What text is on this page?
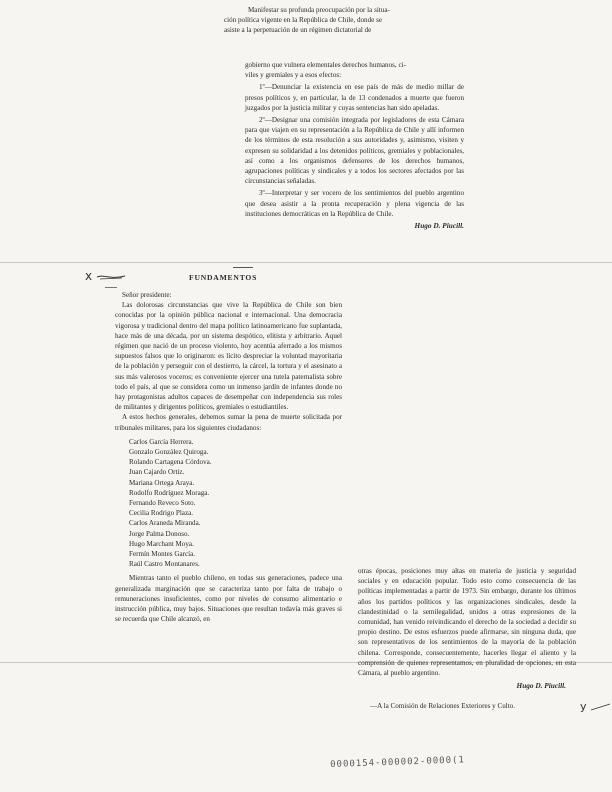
Manifestar su profunda preocupación por la situa-

ción política vigente en la República de Chile, donde se

asiste a la perpetuación de un régimen dictatorial de

gobierno que vulnera elementales derechos humanos, ci-

viles y gremiales y a esos efectos:

1º—Denunciar la existencia en ese país de más de medio millar de presos políticos y, en particular, la de 13 condenados a muerte que fueron juzgados por la justicia militar y cuyas sentencias han sido apeladas.

2º—Designar una comisión integrada por legisladores de esta Cámara para que viajen en su representación a la República de Chile y allí informen de los términos de esta resolución a sus autoridades y, asimismo, visiten y expresen su solidaridad a los detenidos políticos, gremiales y poblacionales, así como a los organismos defensores de los derechos humanos, agrupaciones políticas y sindicales y a todos los sectores afectados por las circunstancias señaladas.

3º—Interpretar y ser vocero de los sentimientos del pueblo argentino que desea asistir a la pronta recuperación y plena vigencia de las instituciones democráticas en la República de Chile.

Hugo D. Piucill.

x	FUNDAMENTOS

Señor presidente:

Las dolorosas circunstancias que vive la República de Chile son bien conocidas por la opinión pública nacional e internacional. Una democracia vigorosa y tradicional dentro del mapa político latinoamericano fue suplantada, hace más de una década, por un sistema despótico, elitista y arbitrario. Aquel régimen que nació de un proceso violento, hoy acentúa aferrado a los mismos supuestos falsos que lo originaron: es lícito despreciar la voluntad mayoritaria de la población y perseguir con el destierro, la cárcel, la tortura y el asesinato a sus más valerosos voceros; es conveniente ejercer una tutela paternalista sobre todo el país, al que se considera como un inmenso jardín de infantes donde no hay protagonistas adultos capaces de desempeñar con independencia sus roles de militantes y dirigentes políticos, gremiales o estudiantiles.

A estos hechos generales, debemos sumar la pena de muerte solicitada por tribunales militares, para los siguientes ciudadanos:

Carlos García Herrera.

Gonzalo González Quiroga.

Rolando Cartagena Córdova.

Juan Cajardo Ortiz.

Mariana Ortega Araya.

Rodolfo Rodríguez Moraga.

Fernando Reveco Soto.

Cecilia Rodrigo Plaza.

Carlos Araneda Miranda.

Jorge Palma Donoso.

Hugo Marchant Moya.

Fermín Montes García.

Raúl Castro Montanares.

Mientras tanto el pueblo chileno, en todas sus generaciones, padece una generalizada marginación que se caracteriza tanto por falta de trabajo o remuneraciones insuficientes, como por niveles de consumo alimentario e instrucción pública, muy bajos. Situaciones que resultan todavía más graves si se recuerda que Chile alcanzó, en

otras épocas, posiciones muy altas en materia de justicia y seguridad sociales y en educación popular. Todo esto como consecuencia de las políticas implementadas a partir de 1973. Sin embargo, durante los últimos años los partidos políticos y las organizaciones sindicales, desde la clandestinidad o la semilegalidad, unidos a otras expresiones de la comunidad, han venido reivindicando el derecho de la sociedad a decidir su propio destino. De estos esfuerzos puede afirmarse, sin ninguna duda, que son representativos de los sentimientos de la mayoría de la población chilena. Corresponde, consecuentemente, hacerles llegar el aliento y la comprensión de quienes representamos, en pluralidad de opciones, en esta Cámara, al pueblo argentino.

Hugo D. Piucill.

—A la Comisión de Relaciones Exteriores y Culto.	y
0000154-000002-0000(1
